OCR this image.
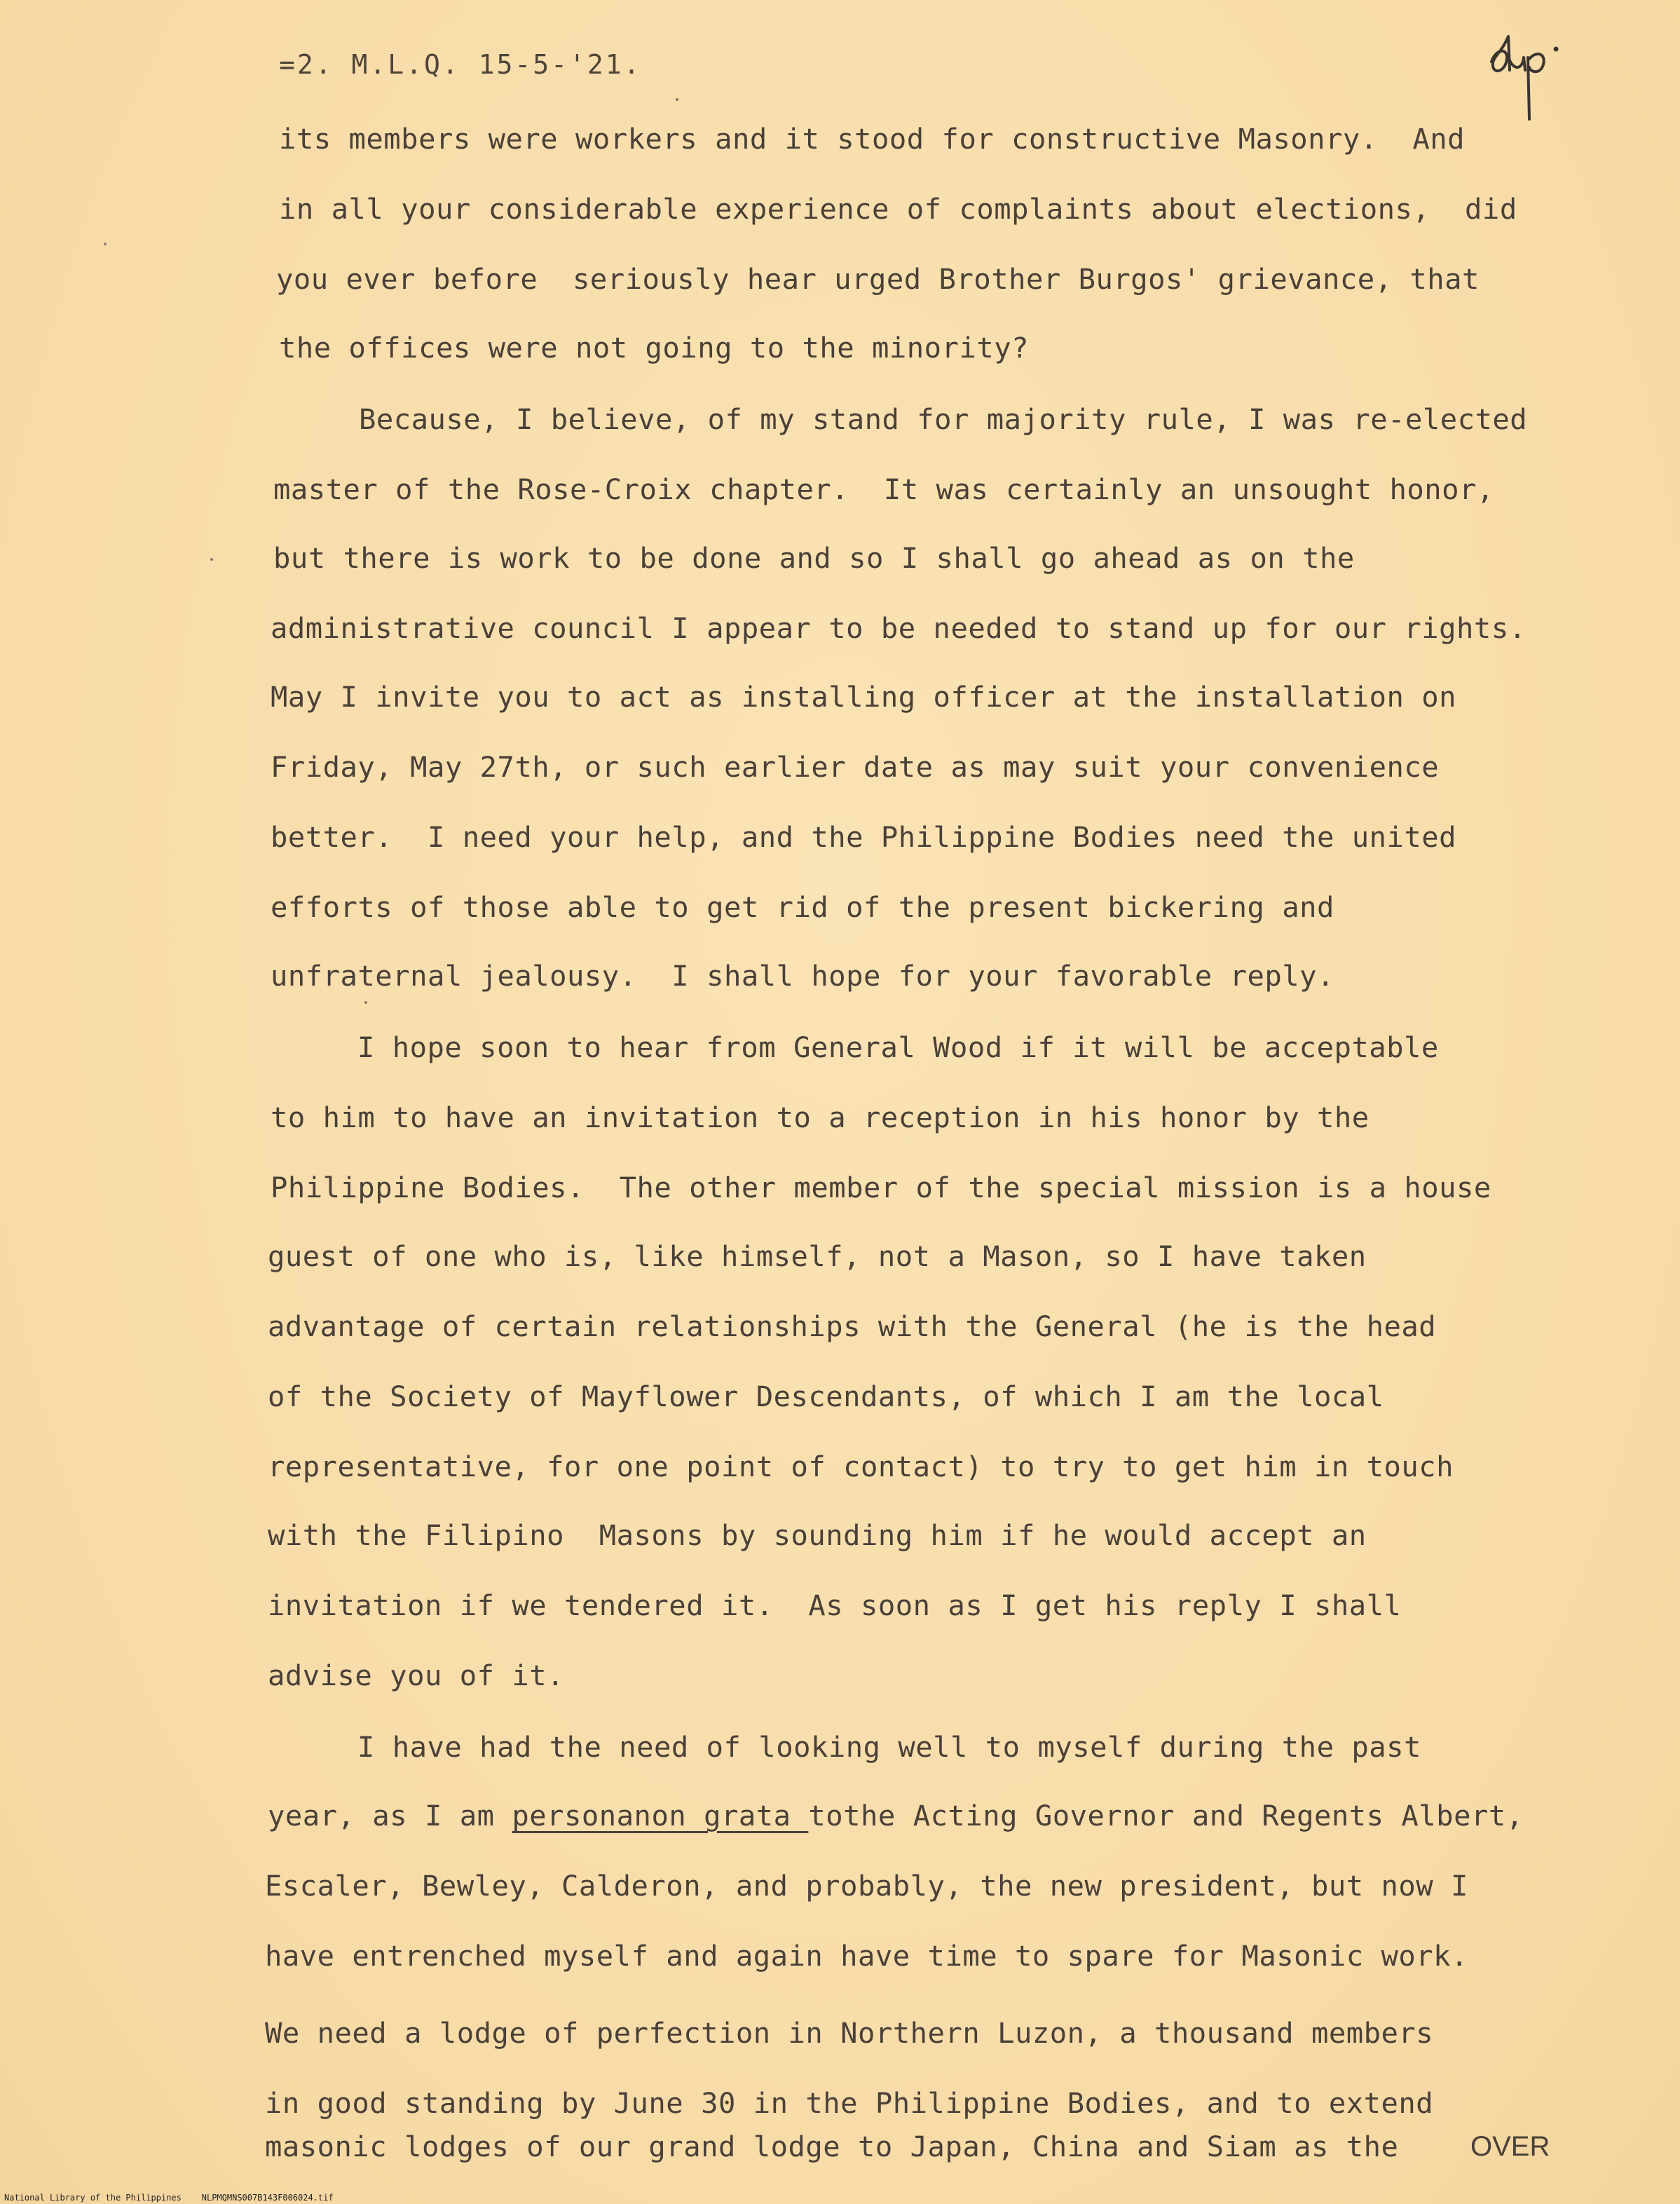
=2. M.L.Q. 15-5-'21.
its members were workers and it stood for constructive Masonry.  And
in all your considerable experience of complaints about elections,  did
you ever before  seriously hear urged Brother Burgos' grievance, that
the offices were not going to the minority?
Because, I believe, of my stand for majority rule, I was re-elected
master of the Rose-Croix chapter.  It was certainly an unsought honor,
but there is work to be done and so I shall go ahead as on the
administrative council I appear to be needed to stand up for our rights.
May I invite you to act as installing officer at the installation on
Friday, May 27th, or such earlier date as may suit your convenience
better.  I need your help, and the Philippine Bodies need the united
efforts of those able to get rid of the present bickering and
unfraternal jealousy.  I shall hope for your favorable reply.
I hope soon to hear from General Wood if it will be acceptable
to him to have an invitation to a reception in his honor by the
Philippine Bodies.  The other member of the special mission is a house
guest of one who is, like himself, not a Mason, so I have taken
advantage of certain relationships with the General (he is the head
of the Society of Mayflower Descendants, of which I am the local
representative, for one point of contact) to try to get him in touch
with the Filipino  Masons by sounding him if he would accept an
invitation if we tendered it.  As soon as I get his reply I shall
advise you of it.
I have had the need of looking well to myself during the past
year, as I am personanon grata tothe Acting Governor and Regents Albert,
Escaler, Bewley, Calderon, and probably, the new president, but now I
have entrenched myself and again have time to spare for Masonic work.
We need a lodge of perfection in Northern Luzon, a thousand members
in good standing by June 30 in the Philippine Bodies, and to extend
masonic lodges of our grand lodge to Japan, China and Siam as the	OVER
National Library of the Philippines    NLPMQMNS007B143F006024.tif
